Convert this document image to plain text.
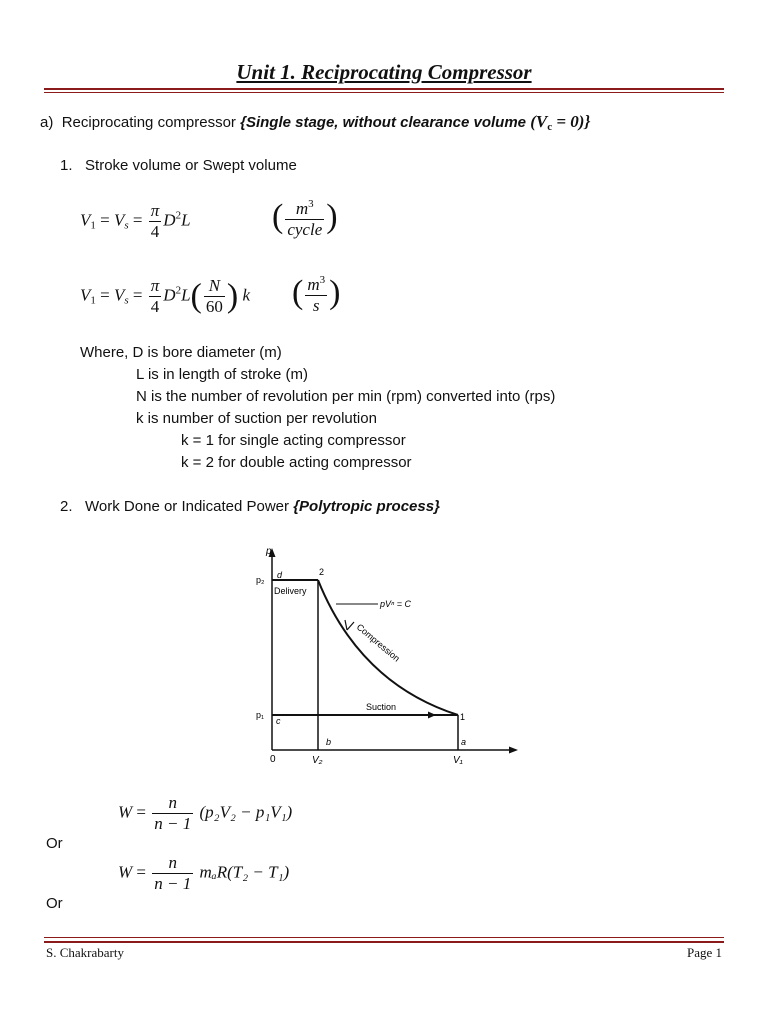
Unit 1. Reciprocating Compressor
a) Reciprocating compressor {Single stage, without clearance volume $(V_c = 0)$}
1. Stroke volume or Swept volume
$V_1 = Vs = \frac{\pi}{4} D^2L$ ( $\frac{m^3}{\text{cycle}}$ )
$V_1 = Vs = \frac{\pi}{4} D^2L( \frac{N}{60}$ ) k ( $\frac{m^3}{s}$ )
Where, D is bore diameter (m)
L is in length of stroke (m)
N is the number of revolution per min (rpm) converted into (rps)
k is number of suction per revolution
k = 1 for single acting compressor
k = 2 for double acting compressor
2. Work Done or Indicated Power {Polytropic process}
p
p₂
p₁
0	V₂	V₁
d	2
1
a
b
c
Delivery
Suction
pVⁿ = C
Compression
$W = \frac{n}{n - 1} (p_2V_2 - p_1V_1)$
Or
$W = \frac{n}{n - 1} m_aR(T_2 - T_1)$
Or
S. Chakrabarty	Page 1
